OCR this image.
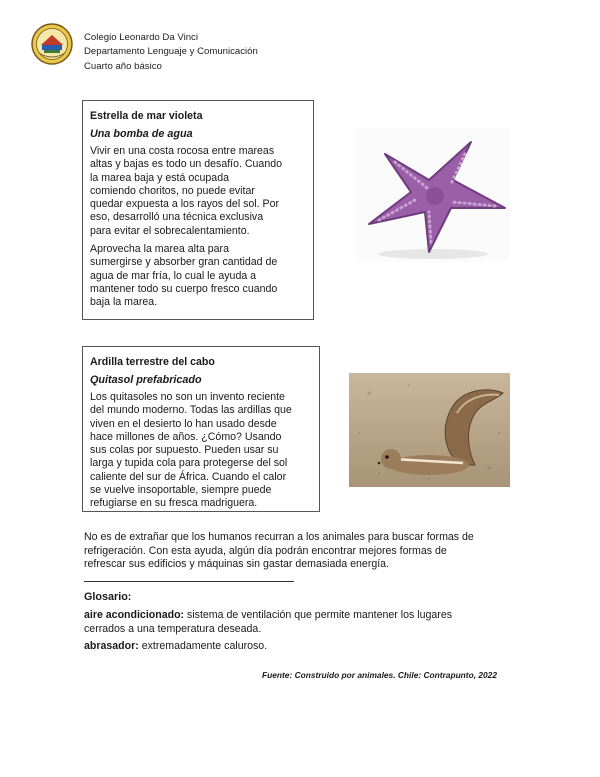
Colegio Leonardo Da Vinci
Departamento Lenguaje y Comunicación
Cuarto año básico
Estrella de mar violeta
Una bomba de agua
Vivir en una costa rocosa entre mareas
altas y bajas es todo un desafío. Cuando
la marea baja y está ocupada
comiendo choritos, no puede evitar
quedar expuesta a los rayos del sol. Por
eso, desarrolló una técnica exclusiva
para evitar el sobrecalentamiento.
Aprovecha la marea alta para
sumergirse y absorber gran cantidad de
agua de mar fría, lo cual le ayuda a
mantener todo su cuerpo fresco cuando
baja la marea.
Ardilla terrestre del cabo
Quitasol prefabricado
Los quitasoles no son un invento reciente
del mundo moderno. Todas las ardillas que
viven en el desierto lo han usado desde
hace millones de años. ¿Cómo? Usando
sus colas por supuesto. Pueden usar su
larga y tupida cola para protegerse del sol
caliente del sur de África. Cuando el calor
se vuelve insoportable, siempre puede
refugiarse en su fresca madriguera.
No es de extrañar que los humanos recurran a los animales para buscar formas de
refrigeración. Con esta ayuda, algún día podrán encontrar mejores formas de
refrescar sus edificios y máquinas sin gastar demasiada energía.
Glosario:
aire acondicionado: sistema de ventilación que permite mantener los lugares
cerrados a una temperatura deseada.
abrasador: extremadamente caluroso.
Fuente: Construido por animales. Chile: Contrapunto, 2022
